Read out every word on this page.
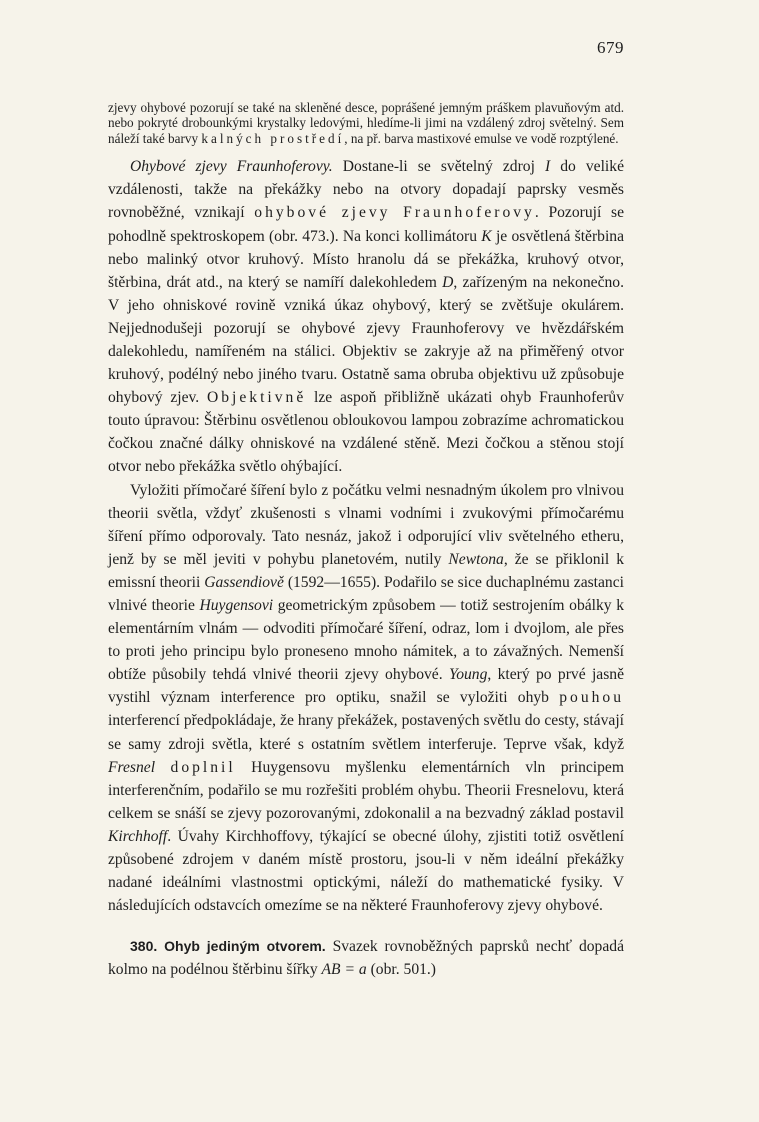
679

zjevy ohybové pozorují se také na skleněné desce, poprášené jemným práškem plavuňovým atd. nebo pokryté drobounkými krystalky ledovými, hledíme-li jimi na vzdálený zdroj světelný. Sem náleží také barvy kalných prostředí, na př. barva mastixové emulse ve vodě rozptýlené.

Ohybové zjevy Fraunhoferovy. Dostane-li se světelný zdroj I do veliké vzdálenosti, takže na překážky nebo na otvory dopadají paprsky vesměs rovnoběžné, vznikají ohybové zjevy Fraunhoferovy. Pozorují se pohodlně spektroskopem (obr. 473.). Na konci kollimátoru K je osvětlená štěrbina nebo malinký otvor kruhový. Místo hranolu dá se překážka, kruhový otvor, štěrbina, drát atd., na který se namíří dalekohledem D, zařízeným na nekonečno. V jeho ohniskové rovině vzniká úkaz ohybový, který se zvětšuje okulárem. Nejjednodušeji pozorují se ohybové zjevy Fraunhoferovy ve hvězdářském dalekohledu, namířeném na stálici. Objektiv se zakryje až na přiměřený otvor kruhový, podélný nebo jiného tvaru. Ostatně sama obruba objektivu už způsobuje ohybový zjev. Objektivně lze aspoň přibližně ukázati ohyb Fraunhoferův touto úpravou: Štěrbinu osvětlenou obloukovou lampou zobrazíme achromatickou čočkou značné dálky ohniskové na vzdálené stěně. Mezi čočkou a stěnou stojí otvor nebo překážka světlo ohýbající.

Vyložiti přímočaré šíření bylo z počátku velmi nesnadným úkolem pro vlnivou theorii světla, vždyť zkušenosti s vlnami vodními i zvukovými přímočarému šíření přímo odporovaly. Tato nesnáz, jakož i odporující vliv světelného etheru, jenž by se měl jeviti v pohybu planetovém, nutily Newtona, že se přiklonil k emissní theorii Gassendiově (1592—1655). Podařilo se sice duchaplnému zastanci vlnivé theorie Huygensovi geometrickým způsobem — totiž sestrojením obálky k elementárním vlnám — odvoditi přímočaré šíření, odraz, lom i dvojlom, ale přes to proti jeho principu bylo proneseno mnoho námitek, a to závažných. Nemenší obtíže působily tehdá vlnivé theorii zjevy ohybové. Young, který po prvé jasně vystihl význam interference pro optiku, snažil se vyložiti ohyb pouhou interferencí předpokládaje, že hrany překážek, postavených světlu do cesty, stávají se samy zdroji světla, které s ostatním světlem interferuje. Teprve však, když Fresnel doplnil Huygensovu myšlenku elementárních vln principem interferenčním, podařilo se mu rozřešiti problém ohybu. Theorii Fresnelovu, která celkem se snáší se zjevy pozorovanými, zdokonalil a na bezvadný základ postavil Kirchhoff. Úvahy Kirchhoffovy, týkající se obecné úlohy, zjistiti totiž osvětlení způsobené zdrojem v daném místě prostoru, jsou-li v něm ideální překážky nadané ideálními vlastnostmi optickými, náleží do mathematické fysiky. V následujících odstavcích omezíme se na některé Fraunhoferovy zjevy ohybové.

380. Ohyb jediným otvorem. Svazek rovnoběžných paprsků nechť dopadá kolmo na podélnou štěrbinu šířky AB = a (obr. 501.)
